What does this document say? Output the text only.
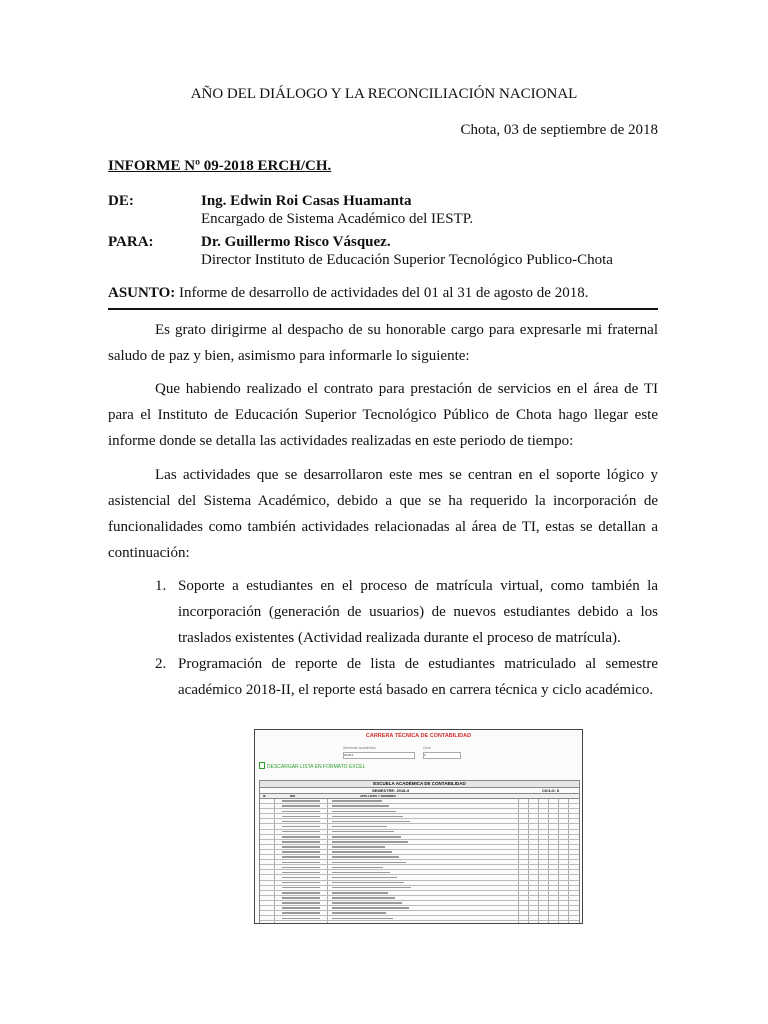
AÑO DEL DIÁLOGO Y LA RECONCILIACIÓN NACIONAL
Chota, 03 de septiembre de 2018
INFORME Nº 09-2018 ERCH/CH.
DE:	Ing. Edwin Roi Casas Huamanta
Encargado de Sistema Académico del IESTP.
PARA:	Dr. Guillermo Risco Vásquez.
Director Instituto de Educación Superior Tecnológico Publico-Chota
ASUNTO: Informe de desarrollo de actividades del 01 al 31 de agosto de 2018.

Es grato dirigirme al despacho de su honorable cargo para expresarle mi fraternal saludo de paz y bien, asimismo para informarle lo siguiente:

Que habiendo realizado el contrato para prestación de servicios en el área de TI para el Instituto de Educación Superior Tecnológico Público de Chota hago llegar este informe donde se detalla las actividades realizadas en este periodo de tiempo:

Las actividades que se desarrollaron este mes se centran en el soporte lógico y asistencial del Sistema Académico, debido a que se ha requerido la incorporación de funcionalidades como también actividades relacionadas al área de TI, estas se detallan a continuación:

1. Soporte a estudiantes en el proceso de matrícula virtual, como también la incorporación (generación de usuarios) de nuevos estudiantes debido a los traslados existentes (Actividad realizada durante el proceso de matrícula).
2. Programación de reporte de lista de estudiantes matriculado al semestre académico 2018-II, el reporte está basado en carrera técnica y ciclo académico.
CARRERA TÉCNICA DE CONTABILIDAD
Semestre Académico	Ciclo
2018-II	II
DESCARGAR LISTA EN FORMATO EXCEL
ESCUELA ACADÉMICA DE CONTABILIDAD
SEMESTRE: 2018-II	CICLO: II
Nº	DNI	APELLIDOS Y NOMBRES
